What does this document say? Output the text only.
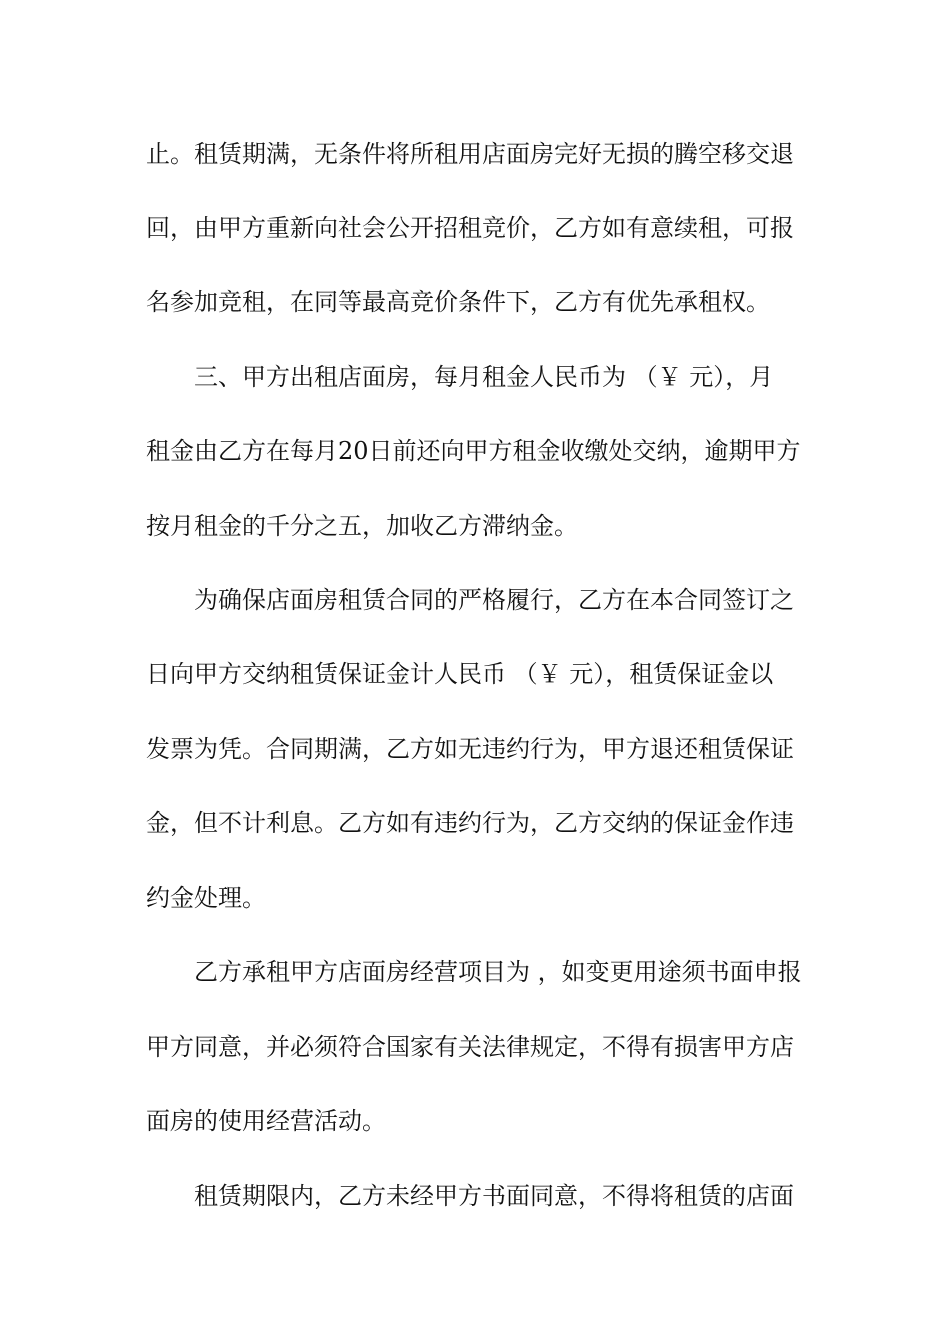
止。租赁期满，无条件将所租用店面房完好无损的腾空移交退
回，由甲方重新向社会公开招租竞价，乙方如有意续租，可报
名参加竞租，在同等最高竞价条件下，乙方有优先承租权。
三、甲方出租店面房，每月租金人民币为 （￥ 元），月
租金由乙方在每月20日前还向甲方租金收缴处交纳，逾期甲方
按月租金的千分之五，加收乙方滞纳金。
为确保店面房租赁合同的严格履行，乙方在本合同签订之
日向甲方交纳租赁保证金计人民币 （￥ 元），租赁保证金以
发票为凭。合同期满，乙方如无违约行为，甲方退还租赁保证
金，但不计利息。乙方如有违约行为，乙方交纳的保证金作违
约金处理。
乙方承租甲方店面房经营项目为 ，如变更用途须书面申报
甲方同意，并必须符合国家有关法律规定，不得有损害甲方店
面房的使用经营活动。
租赁期限内，乙方未经甲方书面同意，不得将租赁的店面
